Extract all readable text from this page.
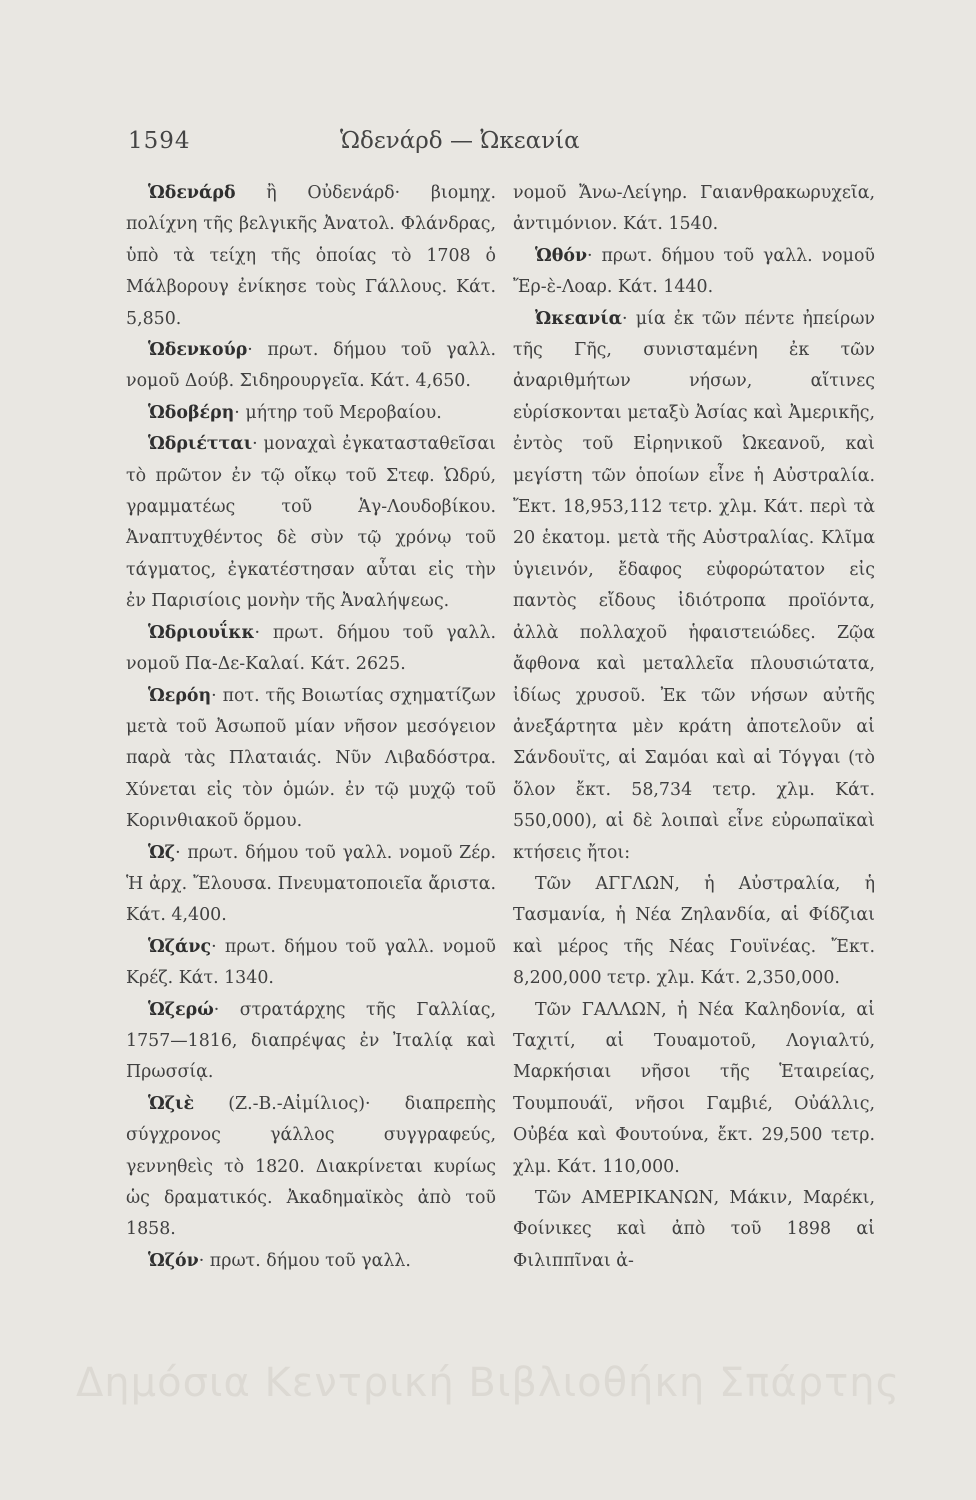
1594	Ὡδενάρδ — Ὠκεανία

Ὡδενάρδ ἢ Οὐδενάρδ· βιομηχ. πολίχνη τῆς βελγικῆς Ἀνατολ. Φλάνδρας, ὑπὸ τὰ τείχη τῆς ὁποίας τὸ 1708 ὁ Μάλβορουγ ἐνίκησε τοὺς Γάλλους. Κάτ. 5,850.

Ὡδενκούρ· πρωτ. δήμου τοῦ γαλλ. νομοῦ Δούβ. Σιδηρουργεῖα. Κάτ. 4,650.

Ὡδοβέρη· μήτηρ τοῦ Μεροβαίου.

Ὡδριέτται· μοναχαὶ ἐγκατασταθεῖσαι τὸ πρῶτον ἐν τῷ οἴκῳ τοῦ Στεφ. Ὡδρύ, γραμματέως τοῦ Ἁγ-Λουδοβίκου. Ἀναπτυχθέντος δὲ σὺν τῷ χρόνῳ τοῦ τάγματος, ἐγκατέστησαν αὗται εἰς τὴν ἐν Παρισίοις μονὴν τῆς Ἀναλήψεως.

Ὡδριουΐκκ· πρωτ. δήμου τοῦ γαλλ. νομοῦ Πα-Δε-Καλαί. Κάτ. 2625.

Ὡερόη· ποτ. τῆς Βοιωτίας σχηματίζων μετὰ τοῦ Ἀσωποῦ μίαν νῆσον μεσόγειον παρὰ τὰς Πλαταιάς. Νῦν Λιβαδόστρα. Χύνεται εἰς τὸν ὁμών. ἐν τῷ μυχῷ τοῦ Κορινθιακοῦ ὅρμου.

Ὡζ· πρωτ. δήμου τοῦ γαλλ. νομοῦ Ζέρ. Ἡ ἀρχ. Ἔλουσα. Πνευματοποιεῖα ἄριστα. Κάτ. 4,400.

Ὡζάνς· πρωτ. δήμου τοῦ γαλλ. νομοῦ Κρέζ. Κάτ. 1340.

Ὡζερώ· στρατάρχης τῆς Γαλλίας, 1757—1816, διαπρέψας ἐν Ἰταλίᾳ καὶ Πρωσσίᾳ.

Ὡζιὲ (Ζ.-Β.-Αἰμίλιος)· διαπρεπὴς σύγχρονος γάλλος συγγραφεύς, γεννηθεὶς τὸ 1820. Διακρίνεται κυρίως ὡς δραματικός. Ἀκαδημαϊκὸς ἀπὸ τοῦ 1858.

Ὡζόν· πρωτ. δήμου τοῦ γαλλ.

νομοῦ Ἄνω-Λείγηρ. Γαιανθρακωρυχεῖα, ἀντιμόνιον. Κάτ. 1540.

Ὡθόν· πρωτ. δήμου τοῦ γαλλ. νομοῦ Ἔρ-ὲ-Λοαρ. Κάτ. 1440.

Ὠκεανία· μία ἐκ τῶν πέντε ἠπείρων τῆς Γῆς, συνισταμένη ἐκ τῶν ἀναριθμήτων νήσων, αἵτινες εὑρίσκονται μεταξὺ Ἀσίας καὶ Ἀμερικῆς, ἐντὸς τοῦ Εἰρηνικοῦ Ὠκεανοῦ, καὶ μεγίστη τῶν ὁποίων εἶνε ἡ Αὐστραλία. Ἔκτ. 18,953,112 τετρ. χλμ. Κάτ. περὶ τὰ 20 ἑκατομ. μετὰ τῆς Αὐστραλίας. Κλῖμα ὑγιεινόν, ἔδαφος εὐφορώτατον εἰς παντὸς εἴδους ἰδιότροπα προϊόντα, ἀλλὰ πολλαχοῦ ἡφαιστειώδες. Ζῷα ἄφθονα καὶ μεταλλεῖα πλουσιώτατα, ἰδίως χρυσοῦ. Ἐκ τῶν νήσων αὐτῆς ἀνεξάρτητα μὲν κράτη ἀποτελοῦν αἱ Σάνδουϊτς, αἱ Σαμόαι καὶ αἱ Τόγγαι (τὸ ὅλον ἔκτ. 58,734 τετρ. χλμ. Κάτ. 550,000), αἱ δὲ λοιπαὶ εἶνε εὐρωπαϊκαὶ κτήσεις ἤτοι:

Τῶν ΑΓΓΛΩΝ, ἡ Αὐστραλία, ἡ Τασμανία, ἡ Νέα Ζηλανδία, αἱ Φίδζιαι καὶ μέρος τῆς Νέας Γουϊνέας. Ἔκτ. 8,200,000 τετρ. χλμ. Κάτ. 2,350,000.

Τῶν ΓΑΛΛΩΝ, ἡ Νέα Καληδονία, αἱ Ταχιτί, αἱ Τουαμοτοῦ, Λογιαλτύ, Μαρκήσιαι νῆσοι τῆς Ἑταιρείας, Τουμπουάϊ, νῆσοι Γαμβιέ, Οὐάλλις, Οὐβέα καὶ Φουτούνα, ἔκτ. 29,500 τετρ. χλμ. Κάτ. 110,000.

Τῶν ΑΜΕΡΙΚΑΝΩΝ, Μάκιν, Μαρέκι, Φοίνικες καὶ ἀπὸ τοῦ 1898 αἱ Φιλιππῖναι ἀ-

Δημόσια Κεντρική Βιβλιοθήκη Σπάρτης
